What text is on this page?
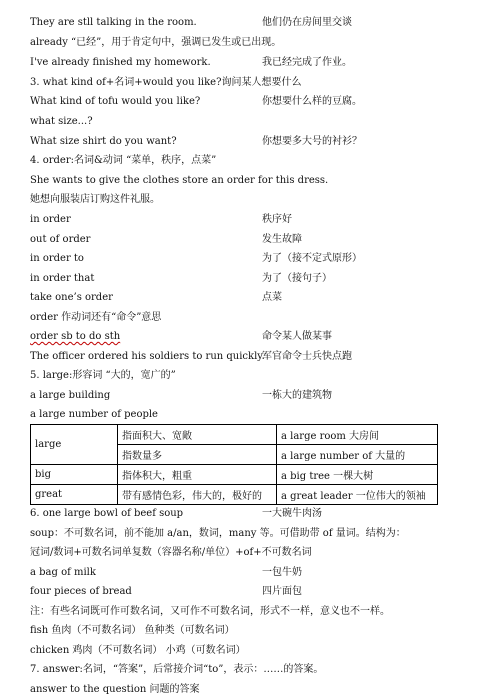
They are stll talking in the room.	他们仍在房间里交谈
already “已经”，用于肯定句中，强调已发生或已出现。
I've already finished my homework.	我已经完成了作业。
3. what kind of+名词+would you like?询问某人想要什么
What kind of tofu would you like?	你想要什么样的豆腐。
what size...?
What size shirt do you want?	你想要多大号的衬衫？
4. order:名词&动词 “菜单，秩序，点菜”
She wants to give the clothes store an order for this dress.
她想向服装店订购这件礼服。
in order	秩序好
out of order	发生故障
in order to	为了（接不定式原形）
in order that	为了（接句子）
take one’s order	点菜
order 作动词还有“命令”意思
order sb to do sth	命令某人做某事
The officer ordered his soldiers to run quickly.
军官命令士兵快点跑
5. large:形容词 “大的，宽广的”
a large building	一栋大的建筑物
a large number of people
large	指面积大、宽敞	a large room 大房间
	指数量多	a large number of 大量的
big	指体积大，粗重	a big tree 一棵大树
great	带有感情色彩，伟大的，极好的	a great leader 一位伟大的领袖
6. one large bowl of beef soup	一大碗牛肉汤
soup：不可数名词，前不能加 a/an，数词，many 等。可借助带 of 量词。结构为：
冠词/数词+可数名词单复数（容器名称/单位）+of+不可数名词
a bag of milk	一包牛奶
four pieces of bread	四片面包
注：有些名词既可作可数名词，又可作不可数名词，形式不一样，意义也不一样。
fish 鱼肉（不可数名词） 鱼种类（可数名词）
chicken 鸡肉（不可数名词） 小鸡（可数名词）
7. answer:名词，“答案”，后常接介词“to”，表示：……的答案。
answer to the question 问题的答案
